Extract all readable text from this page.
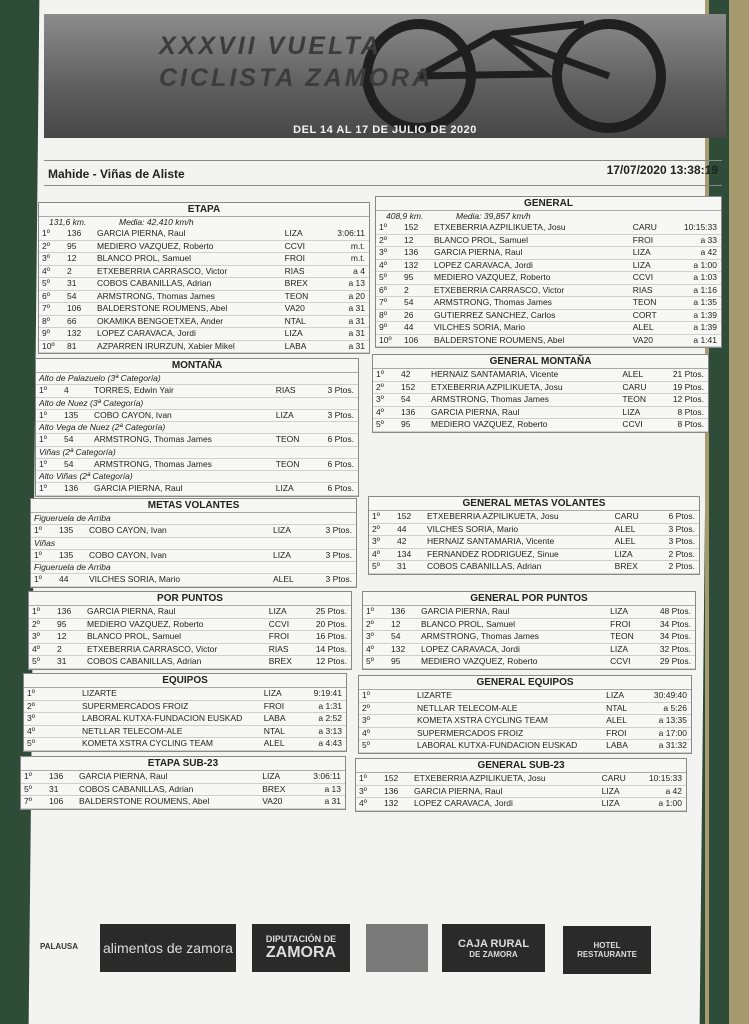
XXXVII VUELTA
CICLISTA ZAMORA
DEL 14 AL 17 DE JULIO DE 2020
Mahide - Viñas de Aliste	17/07/2020 13:38:19
ETAPA
131,6 km.	Media: 42,410 km/h
1º 136 GARCIA PIERNA, Raul	LIZA	3:06:11
2º 95 MEDIERO VAZQUEZ, Roberto	CCVI	m.t.
3º 12 BLANCO PROL, Samuel	FROI	m.t.
4º 2	ETXEBERRIA CARRASCO, Victor	RIAS	a 4
5º 31 COBOS CABANILLAS, Adrian	BREX	a 13
6º 54 ARMSTRONG, Thomas James	TEON	a 20
7º 106 BALDERSTONE ROUMENS, Abel	VA20	a 31
8º 66 OKAMIKA BENGOETXEA, Ander	NTAL	a 31
9º 132 LOPEZ CARAVACA, Jordi	LIZA	a 31
10º 81 AZPARREN IRURZUN, Xabier Mikel	LABA	a 31
GENERAL
408,9 km.	Media: 39,857 km/h
1º 152 ETXEBERRIA AZPILIKUETA, Josu	CARU	10:15:33
2º 12 BLANCO PROL, Samuel	FROI	a 33
3º 136 GARCIA PIERNA, Raul	LIZA	a 42
4º 132 LOPEZ CARAVACA, Jordi	LIZA	a 1:00
5º 95 MEDIERO VAZQUEZ, Roberto	CCVI	a 1:03
6º 2	ETXEBERRIA CARRASCO, Victor	RIAS	a 1:16
7º 54 ARMSTRONG, Thomas James	TEON	a 1:35
8º 26 GUTIERREZ SANCHEZ, Carlos	CORT	a 1:39
9º 44 VILCHES SORIA, Mario	ALEL	a 1:39
10º 106 BALDERSTONE ROUMENS, Abel	VA20	a 1:41
MONTAÑA
Alto de Palazuelo (3ª Categoría)
1º 4	TORRES, Edwin Yair	RIAS	3 Ptos.
Alto de Nuez (3ª Categoría)
1º 135 COBO CAYON, Ivan	LIZA	3 Ptos.
Alto Vega de Nuez (2ª Categoría)
1º 54 ARMSTRONG, Thomas James	TEON	6 Ptos.
Viñas (2ª Categoría)
1º 54 ARMSTRONG, Thomas James	TEON	6 Ptos.
Alto Viñas (2ª Categoría)
1º 136 GARCIA PIERNA, Raul	LIZA	6 Ptos.
GENERAL MONTAÑA
1º 42 HERNAIZ SANTAMARIA, Vicente	ALEL	21 Ptos.
2º 152 ETXEBERRIA AZPILIKUETA, Josu	CARU	19 Ptos.
3º 54 ARMSTRONG, Thomas James	TEON	12 Ptos.
4º 136 GARCIA PIERNA, Raul	LIZA	8 Ptos.
5º 95 MEDIERO VAZQUEZ, Roberto	CCVI	8 Ptos.
METAS VOLANTES
Figueruela de Arriba
1º 135 COBO CAYON, Ivan	LIZA	3 Ptos.
Viñas
1º 135 COBO CAYON, Ivan	LIZA	3 Ptos.
Figueruela de Arriba
1º 44 VILCHES SORIA, Mario	ALEL	3 Ptos.
GENERAL METAS VOLANTES
1º 152 ETXEBERRIA AZPILIKUETA, Josu	CARU	6 Ptos.
2º 44 VILCHES SORIA, Mario	ALEL	3 Ptos.
3º 42 HERNAIZ SANTAMARIA, Vicente	ALEL	3 Ptos.
4º 134 FERNANDEZ RODRIGUEZ, Sinue	LIZA	2 Ptos.
5º 31 COBOS CABANILLAS, Adrian	BREX	2 Ptos.
POR PUNTOS
1º 136 GARCIA PIERNA, Raul	LIZA	25 Ptos.
2º 95 MEDIERO VAZQUEZ, Roberto	CCVI	20 Ptos.
3º 12 BLANCO PROL, Samuel	FROI	16 Ptos.
4º 2	ETXEBERRIA CARRASCO, Victor	RIAS	14 Ptos.
5º 31 COBOS CABANILLAS, Adrian	BREX	12 Ptos.
GENERAL POR PUNTOS
1º 136 GARCIA PIERNA, Raul	LIZA	48 Ptos.
2º 12 BLANCO PROL, Samuel	FROI	34 Ptos.
3º 54 ARMSTRONG, Thomas James	TEON	34 Ptos.
4º 132 LOPEZ CARAVACA, Jordi	LIZA	32 Ptos.
5º 95 MEDIERO VAZQUEZ, Roberto	CCVI	29 Ptos.
EQUIPOS
1º	LIZARTE	LIZA	9:19:41
2º	SUPERMERCADOS FROIZ	FROI	a 1:31
3º	LABORAL KUTXA-FUNDACION EUSKAD	LABA	a 2:52
4º	NETLLAR TELECOM-ALE	NTAL	a 3:13
5º	KOMETA XSTRA CYCLING TEAM	ALEL	a 4:43
GENERAL EQUIPOS
1º	LIZARTE	LIZA	30:49:40
2º	NETLLAR TELECOM-ALE	NTAL	a 5:26
3º	KOMETA XSTRA CYCLING TEAM	ALEL	a 13:35
4º	SUPERMERCADOS FROIZ	FROI	a 17:00
5º	LABORAL KUTXA-FUNDACION EUSKAD	LABA	a 31:32
ETAPA SUB-23
1º 136 GARCIA PIERNA, Raul	LIZA	3:06:11
5º 31 COBOS CABANILLAS, Adrian	BREX	a 13
7º 106 BALDERSTONE ROUMENS, Abel	VA20	a 31
GENERAL SUB-23
1º 152 ETXEBERRIA AZPILIKUETA, Josu	CARU	10:15:33
3º 136 GARCIA PIERNA, Raul	LIZA	a 42
4º 132 LOPEZ CARAVACA, Jordi	LIZA	a 1:00
PALAUSA	alimentos de zamora
DIPUTACIÓN DE
ZAMORA
CAJA RURAL
DE ZAMORA
HOTEL RESTAURANTE
